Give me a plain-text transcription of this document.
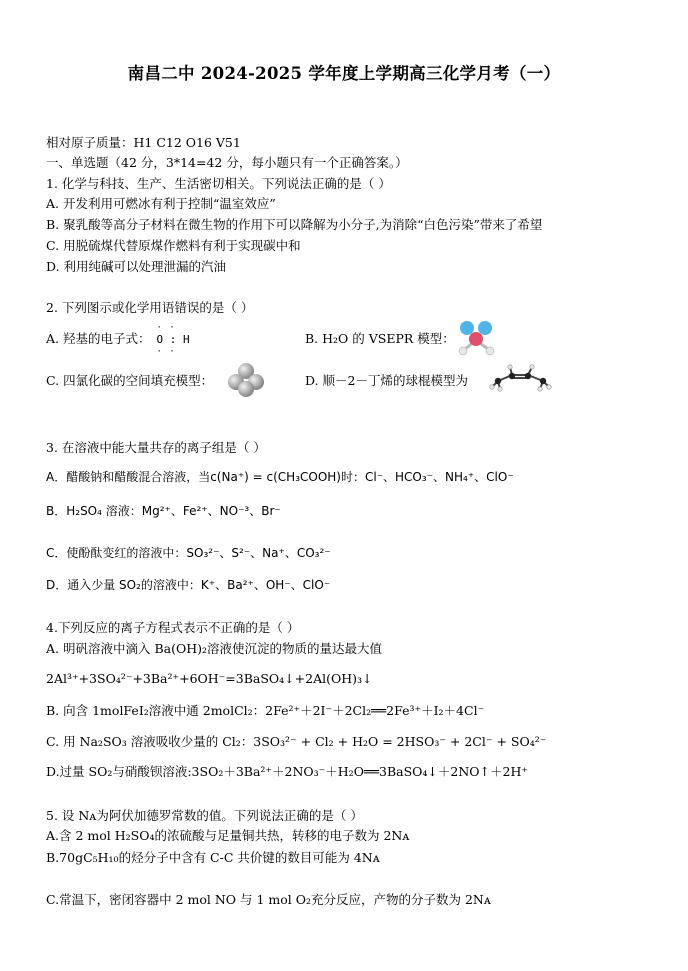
南昌二中 2024-2025 学年度上学期高三化学月考（一）
相对原子质量：H1 C12 O16 V51
一、单选题（42 分，3*14=42 分，每小题只有一个正确答案。）
1. 化学与科技、生产、生活密切相关。下列说法正确的是（ ）
A. 开发利用可燃冰有利于控制“温室效应”
B. 聚乳酸等高分子材料在微生物的作用下可以降解为小分子,为消除“白色污染”带来了希望
C. 用脱硫煤代替原煤作燃料有利于实现碳中和
D. 利用纯碱可以处理泄漏的汽油
2. 下列图示或化学用语错误的是（ ）
A. 羟基的电子式：
· ·
O : H
· ·
B. H₂O 的 VSEPR 模型：
C. 四氯化碳的空间填充模型：	D. 顺－2－丁烯的球棍模型为
3. 在溶液中能大量共存的离子组是（ ）
A．醋酸钠和醋酸混合溶液，当c(Na⁺) = c(CH₃COOH)时：Cl⁻、HCO₃⁻、NH₄⁺、ClO⁻
B．H₂SO₄ 溶液：Mg²⁺、Fe²⁺、NO⁻³、Br⁻
C．使酚酞变红的溶液中：SO₃²⁻、S²⁻、Na⁺、CO₃²⁻
D．通入少量 SO₂的溶液中：K⁺、Ba²⁺、OH⁻、ClO⁻
4.下列反应的离子方程式表示不正确的是（ ）
A. 明矾溶液中滴入 Ba(OH)₂溶液使沉淀的物质的量达最大值
2Al³⁺+3SO₄²⁻+3Ba²⁺+6OH⁻=3BaSO₄↓+2Al(OH)₃↓
B. 向含 1molFeI₂溶液中通 2molCl₂：2Fe²⁺＋2I⁻＋2Cl₂══2Fe³⁺＋I₂＋4Cl⁻
C. 用 Na₂SO₃ 溶液吸收少量的 Cl₂：3SO₃²⁻ + Cl₂ + H₂O = 2HSO₃⁻ + 2Cl⁻ + SO₄²⁻
D.过量 SO₂与硝酸钡溶液:3SO₂＋3Ba²⁺＋2NO₃⁻＋H₂O══3BaSO₄↓＋2NO↑＋2H⁺
5. 设 Nᴀ为阿伏加德罗常数的值。下列说法正确的是（ ）
A.含 2 mol H₂SO₄的浓硫酸与足量铜共热，转移的电子数为 2Nᴀ
B.70gC₅H₁₀的烃分子中含有 C-C 共价键的数目可能为 4Nᴀ
C.常温下，密闭容器中 2 mol NO 与 1 mol O₂充分反应，产物的分子数为 2Nᴀ
